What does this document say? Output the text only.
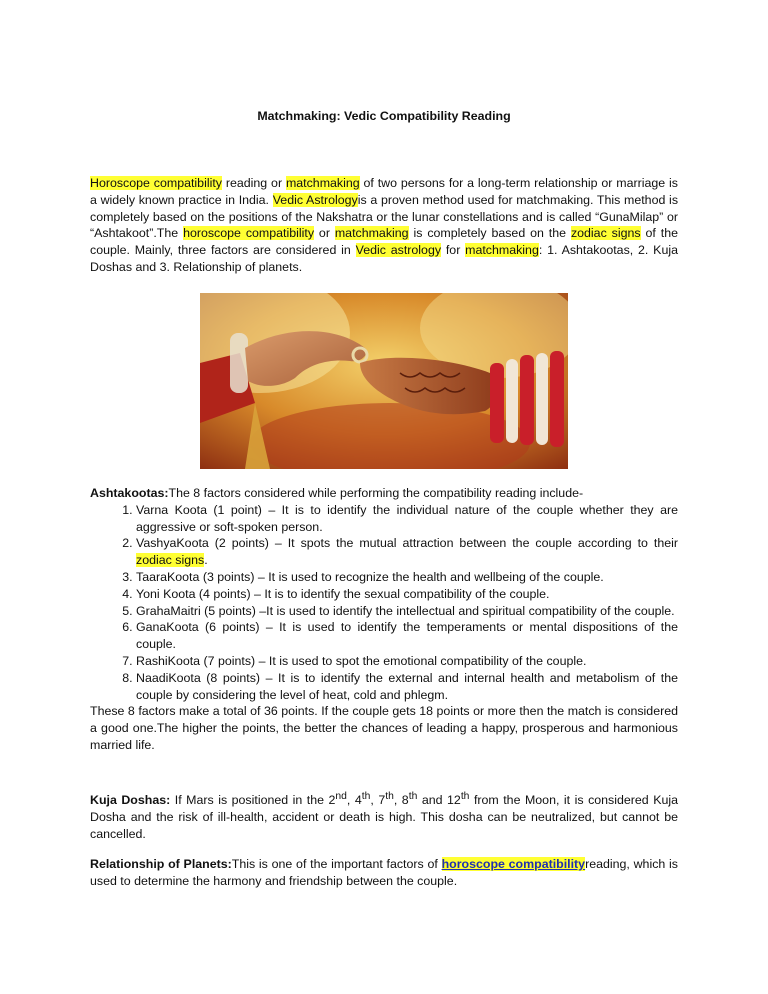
Matchmaking: Vedic Compatibility Reading

Horoscope compatibility reading or matchmaking of two persons for a long-term relationship or marriage is a widely known practice in India. Vedic Astrologyis a proven method used for matchmaking. This method is completely based on the positions of the Nakshatra or the lunar constellations and is called “GunaMilap” or “Ashtakoot”.The horoscope compatibility or matchmaking is completely based on the zodiac signs of the couple. Mainly, three factors are considered in Vedic astrology for matchmaking: 1. Ashtakootas, 2. Kuja Doshas and 3. Relationship of planets.

Ashtakootas:The 8 factors considered while performing the compatibility reading include-

1. Varna Koota (1 point) – It is to identify the individual nature of the couple whether they are aggressive or soft-spoken person.
2. VashyaKoota (2 points) – It spots the mutual attraction between the couple according to their zodiac signs.
3. TaaraKoota (3 points) – It is used to recognize the health and wellbeing of the couple.
4. Yoni Koota (4 points) – It is to identify the sexual compatibility of the couple.
5. GrahaMaitri (5 points) –It is used to identify the intellectual and spiritual compatibility of the couple.
6. GanaKoota (6 points) – It is used to identify the temperaments or mental dispositions of the couple.
7. RashiKoota (7 points) – It is used to spot the emotional compatibility of the couple.
8. NaadiKoota (8 points) – It is to identify the external and internal health and metabolism of the couple by considering the level of heat, cold and phlegm.

These 8 factors make a total of 36 points. If the couple gets 18 points or more then the match is considered a good one.The higher the points, the better the chances of leading a happy, prosperous and harmonious married life.

Kuja Doshas: If Mars is positioned in the 2nd, 4th, 7th, 8th and 12th from the Moon, it is considered Kuja Dosha and the risk of ill-health, accident or death is high. This dosha can be neutralized, but cannot be cancelled.

Relationship of Planets:This is one of the important factors of horoscope compatibilityreading, which is used to determine the harmony and friendship between the couple.
